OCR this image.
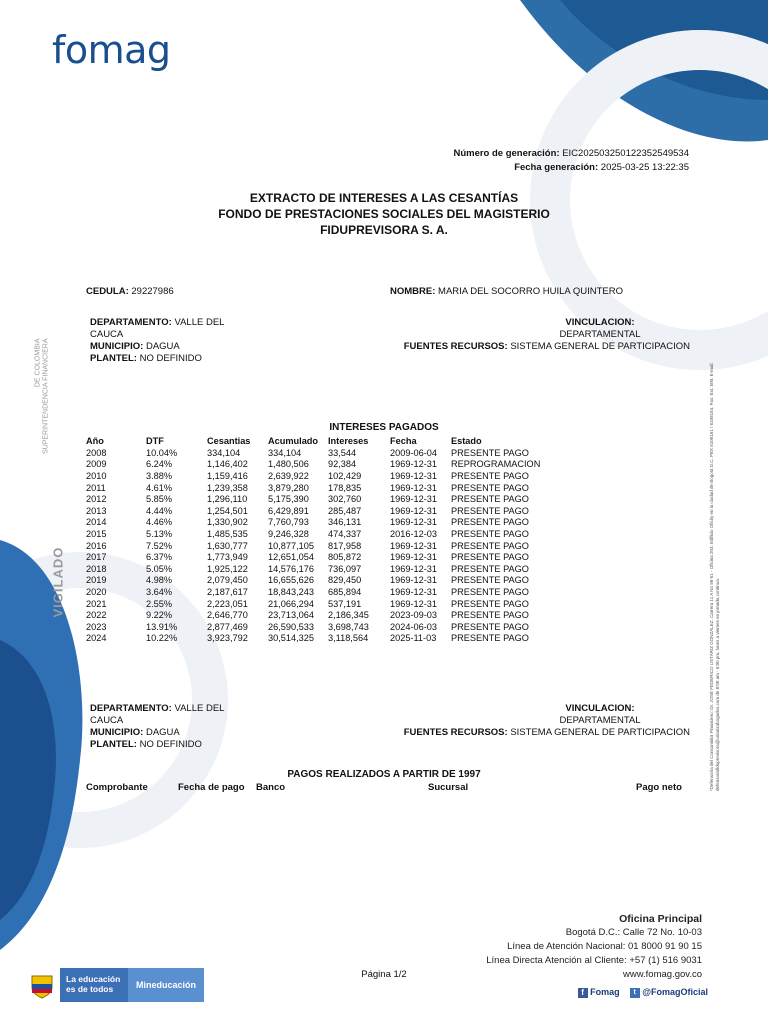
fomag
Número de generación: EIC20250325012235254953​4
Fecha generación: 2025-03-25 13:22:35
EXTRACTO DE INTERESES A LAS CESANTÍAS
FONDO DE PRESTACIONES SOCIALES DEL MAGISTERIO
FIDUPREVISORA S. A.
CEDULA: 29227986	NOMBRE: MARIA DEL SOCORRO HUILA QUINTERO
DEPARTAMENTO: VALLE DEL
CAUCA
MUNICIPIO: DAGUA
PLANTEL: NO DEFINIDO
VINCULACION:
DEPARTAMENTAL
FUENTES RECURSOS: SISTEMA GENERAL DE PARTICIPACION
INTERESES PAGADOS
Año	DTF	Cesantias	Acumulado	Intereses	Fecha	Estado
2008	10.04%	334,104	334,104	33,544	2009-06-04	PRESENTE PAGO
2009	6.24%	1,146,402	1,480,506	92,384	1969-12-31	REPROGRAMACION
2010	3.88%	1,159,416	2,639,922	102,429	1969-12-31	PRESENTE PAGO
2011	4.61%	1,239,358	3,879,280	178,835	1969-12-31	PRESENTE PAGO
2012	5.85%	1,296,110	5,175,390	302,760	1969-12-31	PRESENTE PAGO
2013	4.44%	1,254,501	6,429,891	285,487	1969-12-31	PRESENTE PAGO
2014	4.46%	1,330,902	7,760,793	346,131	1969-12-31	PRESENTE PAGO
2015	5.13%	1,485,535	9,246,328	474,337	2016-12-03	PRESENTE PAGO
2016	7.52%	1,630,777	10,877,105	817,958	1969-12-31	PRESENTE PAGO
2017	6.37%	1,773,949	12,651,054	805,872	1969-12-31	PRESENTE PAGO
2018	5.05%	1,925,122	14,576,176	736,097	1969-12-31	PRESENTE PAGO
2019	4.98%	2,079,450	16,655,626	829,450	1969-12-31	PRESENTE PAGO
2020	3.64%	2,187,617	18,843,243	685,894	1969-12-31	PRESENTE PAGO
2021	2.55%	2,223,051	21,066,294	537,191	1969-12-31	PRESENTE PAGO
2022	9.22%	2,646,770	23,713,064	2,186,345	2023-09-03	PRESENTE PAGO
2023	13.91%	2,877,469	26,590,533	3,698,743	2024-06-03	PRESENTE PAGO
2024	10.22%	3,923,792	30,514,325	3,118,564	2025-11-03	PRESENTE PAGO
DEPARTAMENTO: VALLE DEL
CAUCA
MUNICIPIO: DAGUA
PLANTEL: NO DEFINIDO
VINCULACION:
DEPARTAMENTAL
FUENTES RECURSOS: SISTEMA GENERAL DE PARTICIPACION
PAGOS REALIZADOS A PARTIR DE 1997
Comprobante	Fecha de pago Banco	Sucursal	Pago neto
VIGILADO
SUPERINTENDENCIA FINANCIERA
DE COLOMBIA	*Defensoría del Consumidor Financiero: Dr. JOSÉ FEDERICO USTÁRIZ GONZÁLEZ. Carrera 11 A No 96-51 - Oficina 203, Edificio Oficity en la ciudad de Bogotá D.C. PBX 6108161 / 6108164. Fax: Ext. 500. E-mail: defensoriafiduprevisora@ustarizabogados.com de 8:00 am - 6:00 pm, lunes a viernes en jornada continua.
Oficina Principal
Bogotá D.C.: Calle 72 No. 10-03
Línea de Atención Nacional: 01 8000 91 90 15
Línea Directa Atención al Cliente: +57 (1) 516 9031
www.fomag.gov.co
Página 1/2
La educación es de todos	Mineducación
f Fomag t @FomagOficial
